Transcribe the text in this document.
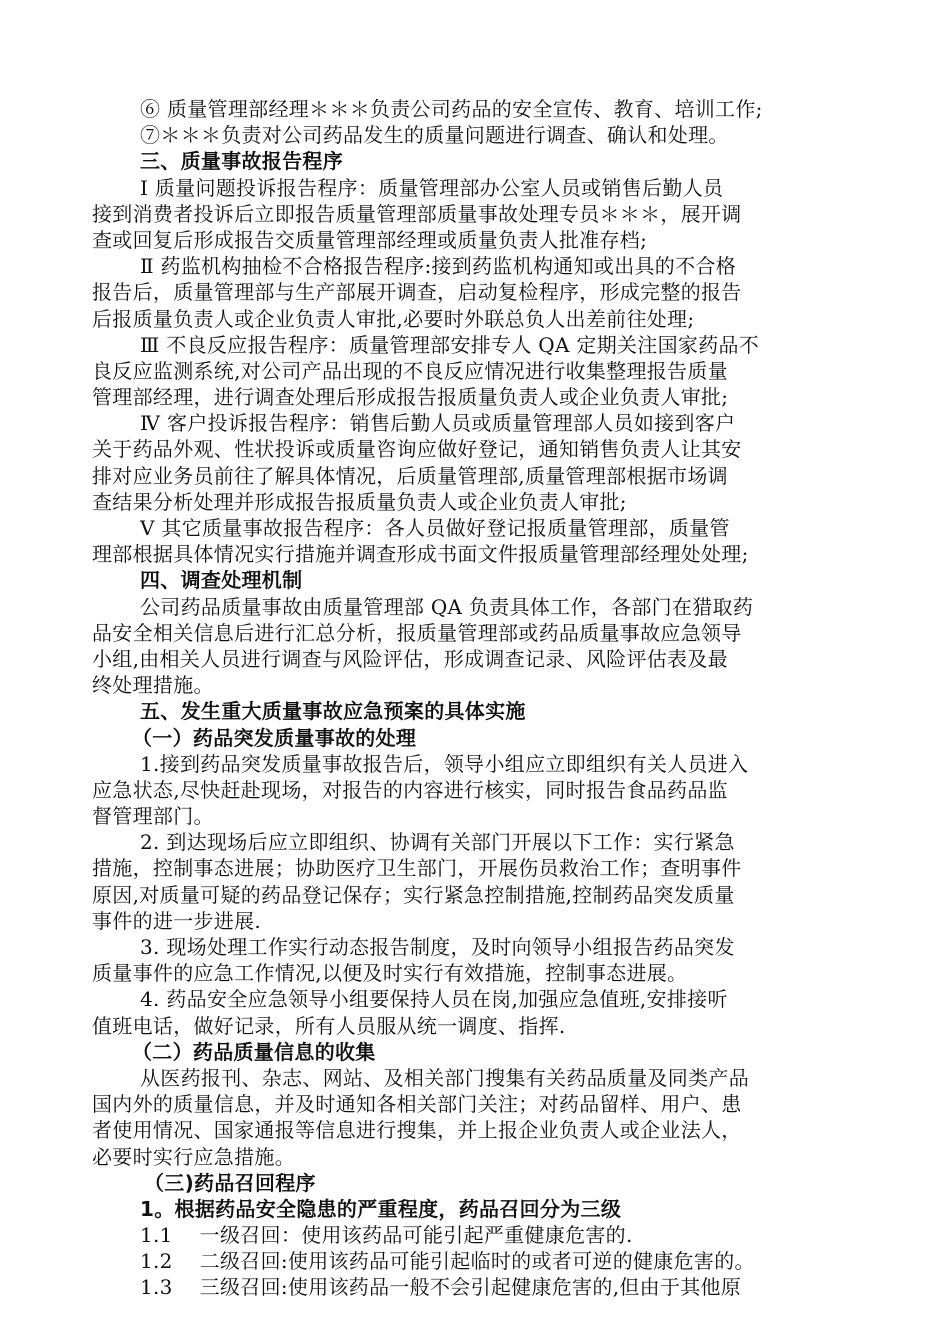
⑥ 质量管理部经理＊＊＊负责公司药品的安全宣传、教育、培训工作;
⑦＊＊＊负责对公司药品发生的质量问题进行调查、确认和处理。
三、质量事故报告程序
Ⅰ 质量问题投诉报告程序：质量管理部办公室人员或销售后勤人员
接到消费者投诉后立即报告质量管理部质量事故处理专员＊＊＊，展开调
查或回复后形成报告交质量管理部经理或质量负责人批准存档;
Ⅱ 药监机构抽检不合格报告程序:接到药监机构通知或出具的不合格
报告后，质量管理部与生产部展开调查，启动复检程序，形成完整的报告
后报质量负责人或企业负责人审批,必要时外联总负人出差前往处理;
Ⅲ 不良反应报告程序：质量管理部安排专人 QA 定期关注国家药品不
良反应监测系统,对公司产品出现的不良反应情况进行收集整理报告质量
管理部经理，进行调查处理后形成报告报质量负责人或企业负责人审批;
Ⅳ 客户投诉报告程序：销售后勤人员或质量管理部人员如接到客户
关于药品外观、性状投诉或质量咨询应做好登记，通知销售负责人让其安
排对应业务员前往了解具体情况，后质量管理部,质量管理部根据市场调
查结果分析处理并形成报告报质量负责人或企业负责人审批;
Ⅴ 其它质量事故报告程序：各人员做好登记报质量管理部，质量管
理部根据具体情况实行措施并调查形成书面文件报质量管理部经理处处理;
四、调查处理机制
公司药品质量事故由质量管理部 QA 负责具体工作，各部门在猎取药
品安全相关信息后进行汇总分析，报质量管理部或药品质量事故应急领导
小组,由相关人员进行调查与风险评估，形成调查记录、风险评估表及最
终处理措施。
五、发生重大质量事故应急预案的具体实施
（一）药品突发质量事故的处理
1.接到药品突发质量事故报告后，领导小组应立即组织有关人员进入
应急状态,尽快赶赴现场，对报告的内容进行核实，同时报告食品药品监
督管理部门。
2. 到达现场后应立即组织、协调有关部门开展以下工作：实行紧急
措施，控制事态进展；协助医疗卫生部门，开展伤员救治工作；查明事件
原因,对质量可疑的药品登记保存；实行紧急控制措施,控制药品突发质量
事件的进一步进展.
3. 现场处理工作实行动态报告制度，及时向领导小组报告药品突发
质量事件的应急工作情况,以便及时实行有效措施，控制事态进展。
4. 药品安全应急领导小组要保持人员在岗,加强应急值班,安排接听
值班电话，做好记录，所有人员服从统一调度、指挥.
（二）药品质量信息的收集
从医药报刊、杂志、网站、及相关部门搜集有关药品质量及同类产品
国内外的质量信息，并及时通知各相关部门关注；对药品留样、用户、患
者使用情况、国家通报等信息进行搜集，并上报企业负责人或企业法人，
必要时实行应急措施。
（三)药品召回程序
1。根据药品安全隐患的严重程度，药品召回分为三级
1.1　 一级召回：使用该药品可能引起严重健康危害的.
1.2　 二级召回:使用该药品可能引起临时的或者可逆的健康危害的。
1.3　 三级召回:使用该药品一般不会引起健康危害的,但由于其他原
